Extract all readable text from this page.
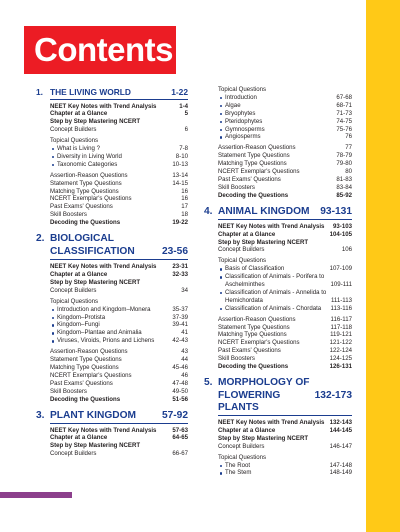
Contents
1. THE LIVING WORLD	1-22
NEET Key Notes with Trend Analysis	1-4
Chapter at a Glance	5
Step by Step Mastering NCERT
Concept Builders	6
Topical Questions
What is Living ?	7-8
Diversity in Living World	8-10
Taxonomic Categories	10-13
Assertion-Reason Questions	13-14
Statement Type Questions	14-15
Matching Type Questions	16
NCERT Exemplar's Questions	16
Past Exams' Questions	17
Skill Boosters	18
Decoding the Questions	19-22
2. BIOLOGICAL
CLASSIFICATION	23-56
NEET Key Notes with Trend Analysis	23-31
Chapter at a Glance	32-33
Step by Step Mastering NCERT
Concept Builders	34
Topical Questions
Introduction and Kingdom–Monera	35-37
Kingdom–Protista	37-39
Kingdom–Fungi	39-41
Kingdom–Plantae and Animalia	41
Viruses, Viroids, Prions and Lichens	42-43
Assertion-Reason Questions	43
Statement Type Questions	44
Matching Type Questions	45-46
NCERT Exemplar's Questions	46
Past Exams' Questions	47-48
Skill Boosters	49-50
Decoding the Questions	51-56
3. PLANT KINGDOM	57-92
NEET Key Notes with Trend Analysis	57-63
Chapter at a Glance	64-65
Step by Step Mastering NCERT
Concept Builders	66-67
Topical Questions
Introduction	67-68
Algae	68-71
Bryophytes	71-73
Pteridophytes	74-75
Gymnosperms	75-76
Angiosperms	76
Assertion-Reason Questions	77
Statement Type Questions	78-79
Matching Type Questions	79-80
NCERT Exemplar's Questions	80
Past Exams' Questions	81-83
Skill Boosters	83-84
Decoding the Questions	85-92
4. ANIMAL KINGDOM	93-131
NEET Key Notes with Trend Analysis	93-103
Chapter at a Glance	104-105
Step by Step Mastering NCERT
Concept Builders	106
Topical Questions
Basis of Classification	107-109
Classification of Animals - Porifera to
Aschelminthes	109-111
Classification of Animals - Annelida to
Hemichordata	111-113
Classification of Animals - Chordata	113-116
Assertion-Reason Questions	116-117
Statement Type Questions	117-118
Matching Type Questions	119-121
NCERT Exemplar's Questions	121-122
Past Exams' Questions	122-124
Skill Boosters	124-125
Decoding the Questions	126-131
5. MORPHOLOGY OF
FLOWERING PLANTS
132-173
NEET Key Notes with Trend Analysis 132-143
Chapter at a Glance	144-145
Step by Step Mastering NCERT
Concept Builders	146-147
Topical Questions
The Root	147-148
The Stem	148-149
